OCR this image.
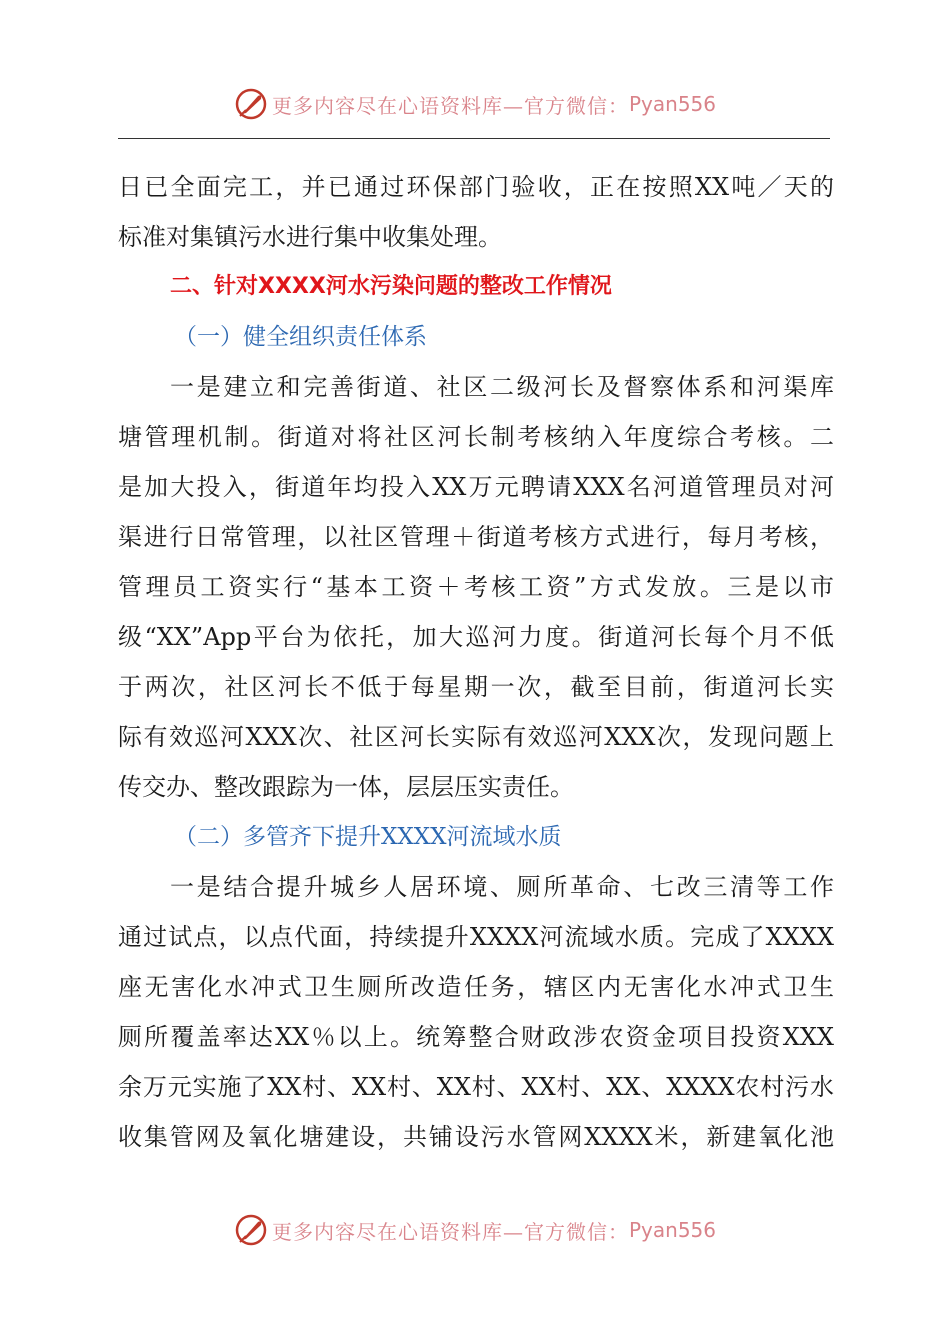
更多内容尽在心语资料库—官方微信： Pyan556
日已全面完工，并已通过环保部门验收，正在按照XX吨／天的
标准对集镇污水进行集中收集处理。
二、针对XXXX河水污染问题的整改工作情况
（一）健全组织责任体系
一是建立和完善街道、社区二级河长及督察体系和河渠库
塘管理机制。街道对将社区河长制考核纳入年度综合考核。二
是加大投入，街道年均投入XX万元聘请XXX名河道管理员对河
渠进行日常管理，以社区管理＋街道考核方式进行，每月考核，
管理员工资实行“基本工资＋考核工资”方式发放。三是以市
级“XX”App平台为依托，加大巡河力度。街道河长每个月不低
于两次，社区河长不低于每星期一次，截至目前，街道河长实
际有效巡河XXX次、社区河长实际有效巡河XXX次，发现问题上
传交办、整改跟踪为一体，层层压实责任。
（二）多管齐下提升XXXX河流域水质
一是结合提升城乡人居环境、厕所革命、七改三清等工作
通过试点，以点代面，持续提升XXXX河流域水质。完成了XXXX
座无害化水冲式卫生厕所改造任务，辖区内无害化水冲式卫生
厕所覆盖率达XX％以上。统筹整合财政涉农资金项目投资XXX
余万元实施了XX村、XX村、XX村、XX村、XX、XXXX农村污水
收集管网及氧化塘建设，共铺设污水管网XXXX米，新建氧化池
更多内容尽在心语资料库—官方微信： Pyan556
